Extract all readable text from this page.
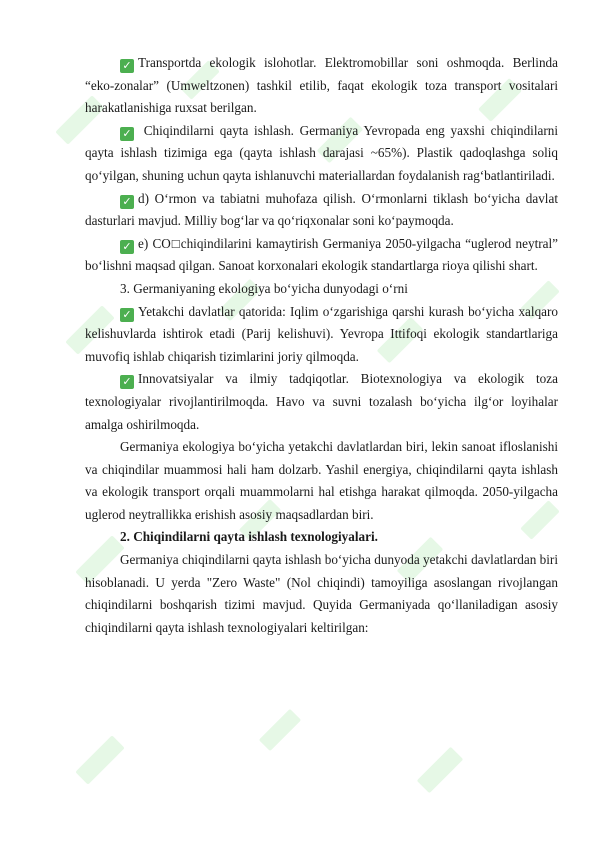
✓ Transportda ekologik islohotlar. Elektromobillar soni oshmoqda. Berlinda “eko-zonalar” (Umweltzonen) tashkil etilib, faqat ekologik toza transport vositalari harakatlanishiga ruxsat berilgan.

✓ Chiqindilarni qayta ishlash. Germaniya Yevropada eng yaxshi chiqindilarni qayta ishlash tizimiga ega (qayta ishlash darajasi ~65%). Plastik qadoqlashga soliq qo‘yilgan, shuning uchun qayta ishlanuvchi materiallardan foydalanish rag‘batlantiriladi.

✓ d) O‘rmon va tabiatni muhofaza qilish. O‘rmonlarni tiklash bo‘yicha davlat dasturlari mavjud. Milliy bog‘lar va qo‘riqxonalar soni ko‘paymoqda.

✓ e) CO□chiqindilarini kamaytirish Germaniya 2050-yilgacha “uglerod neytral” bo‘lishni maqsad qilgan. Sanoat korxonalari ekologik standartlarga rioya qilishi shart.

3. Germaniyaning ekologiya bo‘yicha dunyodagi o‘rni

✓ Yetakchi davlatlar qatorida: Iqlim o‘zgarishiga qarshi kurash bo‘yicha xalqaro kelishuvlarda ishtirok etadi (Parij kelishuvi). Yevropa Ittifoqi ekologik standartlariga muvofiq ishlab chiqarish tizimlarini joriy qilmoqda.

✓ Innovatsiyalar va ilmiy tadqiqotlar. Biotexnologiya va ekologik toza texnologiyalar rivojlantirilmoqda. Havo va suvni tozalash bo‘yicha ilg‘or loyihalar amalga oshirilmoqda.

Germaniya ekologiya bo‘yicha yetakchi davlatlardan biri, lekin sanoat ifloslanishi va chiqindilar muammosi hali ham dolzarb. Yashil energiya, chiqindilarni qayta ishlash va ekologik transport orqali muammolarni hal etishga harakat qilmoqda. 2050-yilgacha uglerod neytrallikka erishish asosiy maqsadlardan biri.

2. Chiqindilarni qayta ishlash texnologiyalari.

Germaniya chiqindilarni qayta ishlash bo‘yicha dunyoda yetakchi davlatlardan biri hisoblanadi. U yerda "Zero Waste" (Nol chiqindi) tamoyiliga asoslangan rivojlangan chiqindilarni boshqarish tizimi mavjud. Quyida Germaniyada qo‘llaniladigan asosiy chiqindilarni qayta ishlash texnologiyalari keltirilgan:
